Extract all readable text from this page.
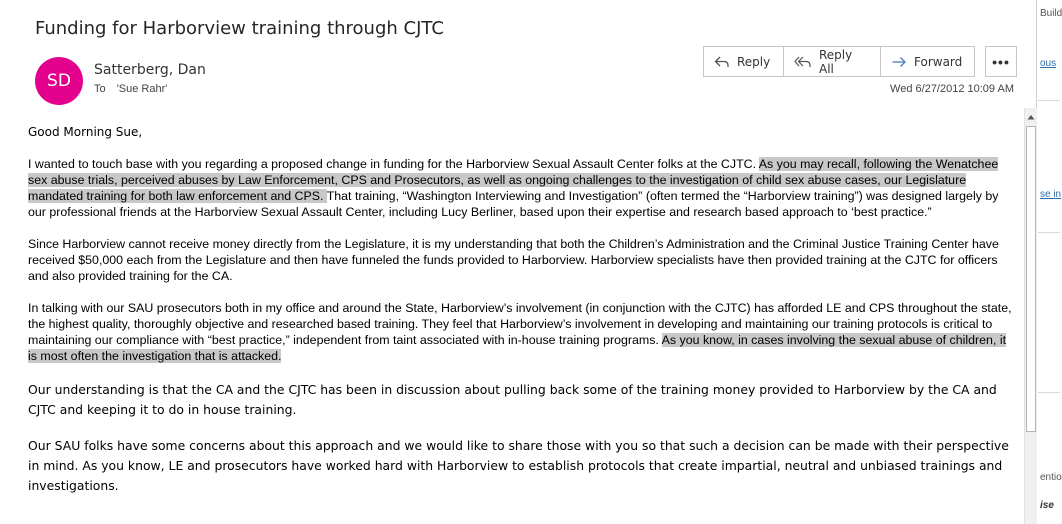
Funding for Harborview training through CJTC
SD
Satterberg, Dan
To 'Sue Rahr'
Reply	Reply All	Forward •••
Wed 6/27/2012 10:09 AM
Good Morning Sue,
I wanted to touch base with you regarding a proposed change in funding for the Harborview Sexual Assault Center folks at the CJTC. As you may recall, following the Wenatchee sex abuse trials, perceived abuses by Law Enforcement, CPS and Prosecutors, as well as ongoing challenges to the investigation of child sex abuse cases, our Legislature mandated training for both law enforcement and CPS. That training, “Washington Interviewing and Investigation” (often termed the “Harborview training”) was designed largely by our professional friends at the Harborview Sexual Assault Center, including Lucy Berliner, based upon their expertise and research based approach to ‘best practice.”
Since Harborview cannot receive money directly from the Legislature, it is my understanding that both the Children’s Administration and the Criminal Justice Training Center have received $50,000 each from the Legislature and then have funneled the funds provided to Harborview. Harborview specialists have then provided training at the CJTC for officers and also provided training for the CA.
In talking with our SAU prosecutors both in my office and around the State, Harborview’s involvement (in conjunction with the CJTC) has afforded LE and CPS throughout the state, the highest quality, thoroughly objective and researched based training. They feel that Harborview’s involvement in developing and maintaining our training protocols is critical to maintaining our compliance with “best practice,” independent from taint associated with in-house training programs. As you know, in cases involving the sexual abuse of children, it is most often the investigation that is attacked.
Our understanding is that the CA and the CJTC has been in discussion about pulling back some of the training money provided to Harborview by the CA and CJTC and keeping it to do in house training.
Our SAU folks have some concerns about this approach and we would like to share those with you so that such a decision can be made with their perspective in mind. As you know, LE and prosecutors have worked hard with Harborview to establish protocols that create impartial, neutral and unbiased trainings and investigations.
Build
ous
se in
entio
ise
